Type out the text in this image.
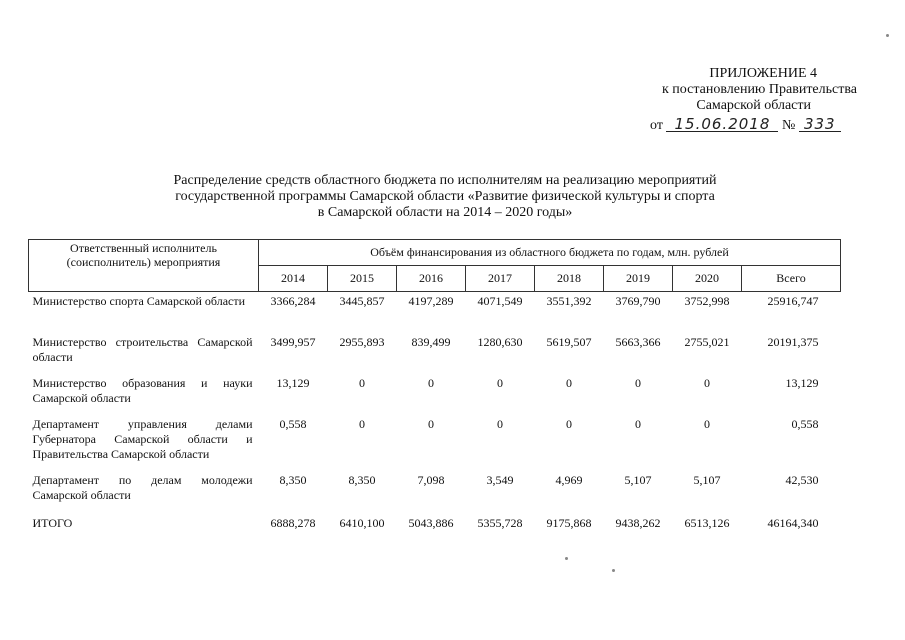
ПРИЛОЖЕНИЕ 4
к постановлению Правительства
Самарской области
от 15.06.2018 № 333
Распределение средств областного бюджета по исполнителям на реализацию мероприятий
государственной программы Самарской области «Развитие физической культуры и спорта
в Самарской области на 2014 – 2020 годы»
Ответственный исполнитель (соисполнитель) мероприятия	Объём финансирования из областного бюджета по годам, млн. рублей							
	2014	2015	2016	2017	2018	2019	2020	Всего
Министерство спорта Самарской области	3366,284	3445,857	4197,289	4071,549	3551,392	3769,790	3752,998	25916,747
Министерство строительства Самарской области	3499,957	2955,893	839,499	1280,630	5619,507	5663,366	2755,021	20191,375
Министерство образования и науки Самарской области	13,129	0	0	0	0	0	0	13,129
Департамент управления делами Губернатора Самарской области и Правительства Самарской области	0,558	0	0	0	0	0	0	0,558
Департамент по делам молодежи Самарской области	8,350	8,350	7,098	3,549	4,969	5,107	5,107	42,530
ИТОГО	6888,278	6410,100	5043,886	5355,728	9175,868	9438,262	6513,126	46164,340
